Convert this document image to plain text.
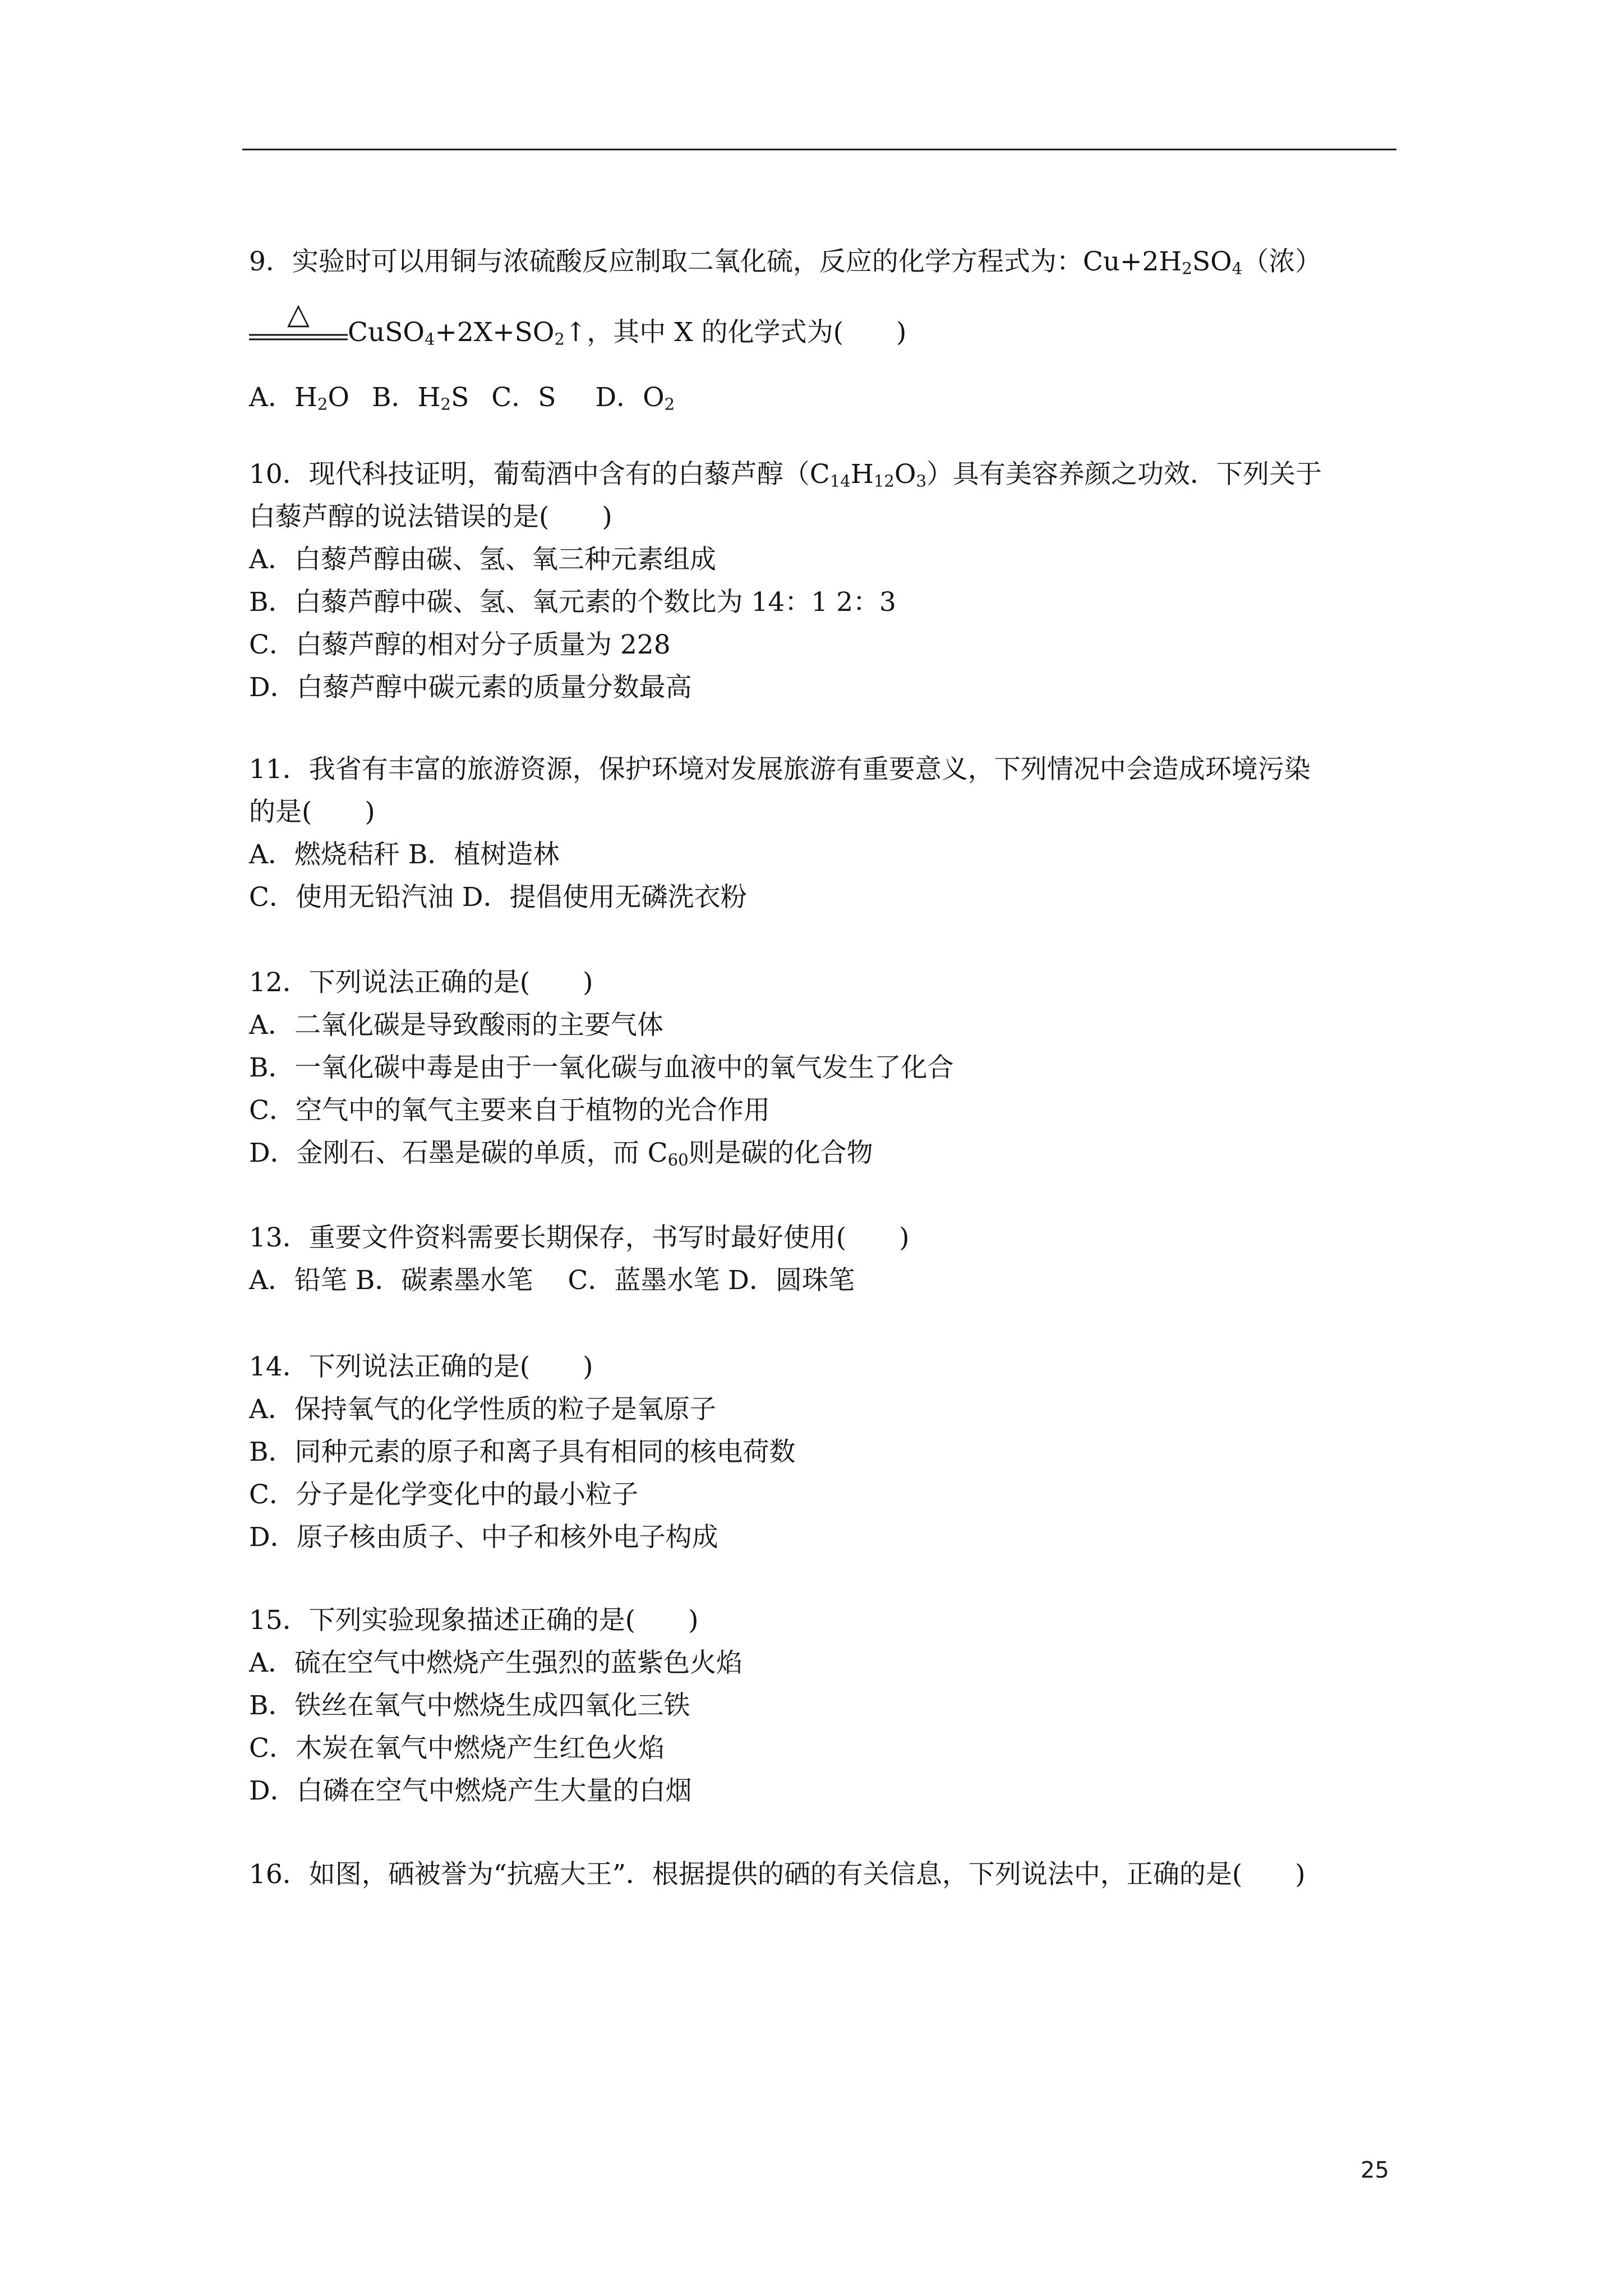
9．实验时可以用铜与浓硫酸反应制取二氧化硫，反应的化学方程式为：$Cu+2H_2SO_4$（浓）
△
$CuSO_4+2X+SO_2↑$，其中 X 的化学式为(　　)
A．$H_2O$ B．$H_2S$ C．S D．$O_2$
10．现代科技证明，葡萄酒中含有的白藜芦醇$(C_{14}H_{12}O_3)$具有美容养颜之功效．下列关于
白藜芦醇的说法错误的是(　　)
A．白藜芦醇由碳、氢、氧三种元素组成
B．白藜芦醇中碳、氢、氧元素的个数比为 14：1 2：3
C．白藜芦醇的相对分子质量为 228
D．白藜芦醇中碳元素的质量分数最高
11．我省有丰富的旅游资源，保护环境对发展旅游有重要意义，下列情况中会造成环境污染
的是(　　)
A．燃烧秸秆 B．植树造林
C．使用无铅汽油 D．提倡使用无磷洗衣粉
12．下列说法正确的是(　　)
A．二氧化碳是导致酸雨的主要气体
B．一氧化碳中毒是由于一氧化碳与血液中的氧气发生了化合
C．空气中的氧气主要来自于植物的光合作用
D．金刚石、石墨是碳的单质，而 $C_{60}$则是碳的化合物
13．重要文件资料需要长期保存，书写时最好使用(　　)
A．铅笔 B．碳素墨水笔　 C．蓝墨水笔 D．圆珠笔
14．下列说法正确的是(　　)
A．保持氧气的化学性质的粒子是氧原子
B．同种元素的原子和离子具有相同的核电荷数
C．分子是化学变化中的最小粒子
D．原子核由质子、中子和核外电子构成
15．下列实验现象描述正确的是(　　)
A．硫在空气中燃烧产生强烈的蓝紫色火焰
B．铁丝在氧气中燃烧生成四氧化三铁
C．木炭在氧气中燃烧产生红色火焰
D．白磷在空气中燃烧产生大量的白烟
16．如图，硒被誉为“抗癌大王”．根据提供的硒的有关信息，下列说法中，正确的是(　　)
25
